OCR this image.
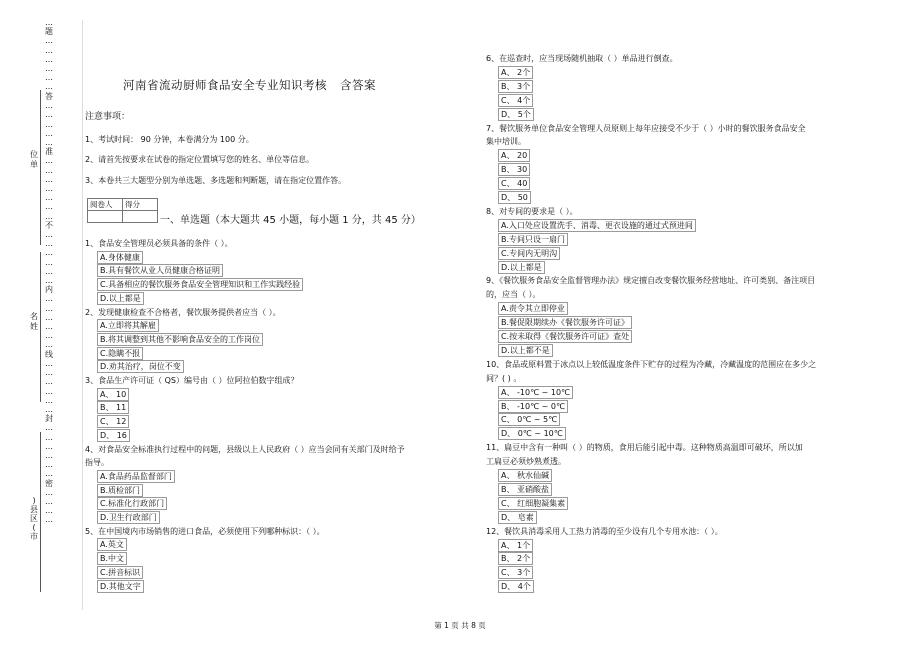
…
题
…
…
…
…
…
…
答
…
…
…
…
…
准
…
…
…
…
…
…
…
不
…
…
…
…
…
…
内
…
…
…
…
…
…
线
…
…
…
…
…
…
封
…
…
…
…
…
…
密
…
…
…
…
位
单
名
姓
)
县
区
(
市
河南省流动厨师食品安全专业知识考核 含答案
注意事项：
1、考试时间： 90 分钟，本卷满分为 100 分。
2、请首先按要求在试卷的指定位置填写您的姓名、单位等信息。
3、本卷共三大题型分别为单选题、多选题和判断题，请在指定位置作答。
阅卷人	得分

一、单选题（本大题共 45 小题，每小题 1 分，共 45 分）
1、食品安全管理员必须具备的条件（ ）。
A.身体健康
B.具有餐饮从业人员健康合格证明
C.具备相应的餐饮服务食品安全管理知识和工作实践经验
D.以上都是
2、发现健康检查不合格者，餐饮服务提供者应当（ ）。
A.立即将其解雇
B.将其调整到其他不影响食品安全的工作岗位
C.隐瞒不报
D.劝其治疗，岗位不变
3、食品生产许可证（ QS）编号由（ ）位阿拉伯数字组成？
A、 10
B、 11
C、 12
D、 16
4、对食品安全标准执行过程中的问题，县级以上人民政府（ ）应当会同有关部门及时给予
指导。
A.食品药品监督部门
B.质检部门
C.标准化行政部门
D.卫生行政部门
5、在中国境内市场销售的进口食品，必须使用下列哪种标识：（ ）。
A.英文
B.中文
C.拼音标识
D.其他文字
6、在巡查时，应当现场随机抽取（ ）单品进行倒查。
A、 2个
B、 3个
C、 4个
D、 5个
7、餐饮服务单位食品安全管理人员原则上每年应接受不少于（ ）小时的餐饮服务食品安全
集中培训。
A、 20
B、 30
C、 40
D、 50
8、对专间的要求是（ ）。
A.入口处应设置洗手、消毒、更衣设施的通过式预进间
B.专间只设一扇门
C.专间内无明沟
D.以上都是
9、《餐饮服务食品安全监督管理办法》规定擅自改变餐饮服务经营地址、许可类别、备注项目
的，应当（ ）。
A.责令其立即停业
B.餐促限期续办《餐饮服务许可证》
C.按未取得《餐饮服务许可证》查处
D.以上都不是
10、食品或原料置于冰点以上较低温度条件下贮存的过程为冷藏，冷藏温度的范围应在多少之
间？( ) 。
A、 -10℃ ~ 10℃
B、 -10℃ ~ 0℃
C、 0℃ ~ 5℃
D、 0℃ ~ 10℃
11、扁豆中含有一种叫（ ）的物质，食用后能引起中毒。这种物质高温即可破坏，所以加
工扁豆必须炒熟煮透。
A、 秋水仙碱
B、 亚硝酸盐
C、 红细胞凝集素
D、 皂素
12、餐饮具消毒采用人工热力消毒的至少设有几个专用水池：（ ）。
A、 1个
B、 2个
C、 3个
D、 4个
第 1 页 共 8 页
